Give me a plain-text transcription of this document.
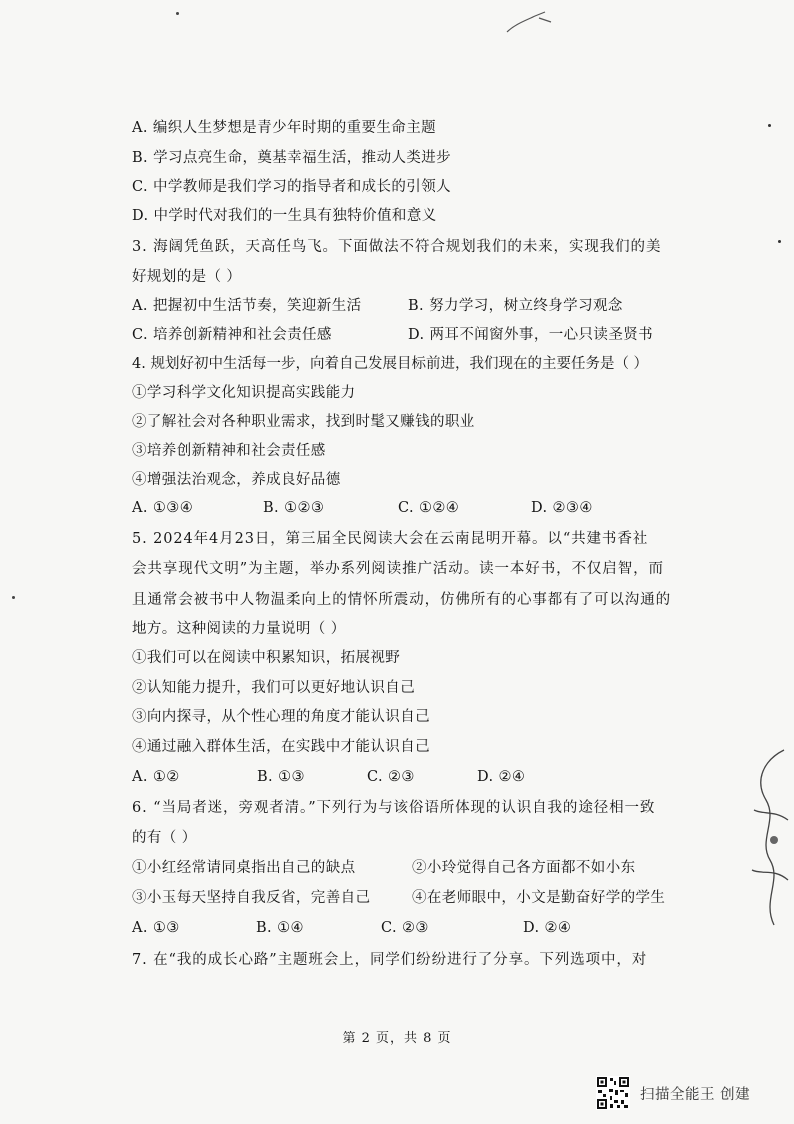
A. 编织人生梦想是青少年时期的重要生命主题
B. 学习点亮生命，奠基幸福生活，推动人类进步
C. 中学教师是我们学习的指导者和成长的引领人
D. 中学时代对我们的一生具有独特价值和意义
3. 海阔凭鱼跃，天高任鸟飞。下面做法不符合规划我们的未来，实现我们的美
好规划的是（ ）
A. 把握初中生活节奏，笑迎新生活	B. 努力学习，树立终身学习观念
C. 培养创新精神和社会责任感	D. 两耳不闻窗外事，一心只读圣贤书
4. 规划好初中生活每一步，向着自己发展目标前进，我们现在的主要任务是（ ）
①学习科学文化知识提高实践能力
②了解社会对各种职业需求，找到时髦又赚钱的职业
③培养创新精神和社会责任感
④增强法治观念，养成良好品德
A. ①③④	B. ①②③	C. ①②④	D. ②③④
5. 2024年4月23日，第三届全民阅读大会在云南昆明开幕。以“共建书香社
会共享现代文明”为主题，举办系列阅读推广活动。读一本好书，不仅启智，而
且通常会被书中人物温柔向上的情怀所震动，仿佛所有的心事都有了可以沟通的
地方。这种阅读的力量说明（ ）
①我们可以在阅读中积累知识，拓展视野
②认知能力提升，我们可以更好地认识自己
③向内探寻，从个性心理的角度才能认识自己
④通过融入群体生活，在实践中才能认识自己
A. ①②	B. ①③	C. ②③	D. ②④
6. “当局者迷，旁观者清。”下列行为与该俗语所体现的认识自我的途径相一致
的有（ ）
①小红经常请同桌指出自己的缺点	②小玲觉得自己各方面都不如小东
③小玉每天坚持自我反省，完善自己	④在老师眼中，小文是勤奋好学的学生
A. ①③	B. ①④	C. ②③	D. ②④
7. 在“我的成长心路”主题班会上，同学们纷纷进行了分享。下列选项中，对
第 2 页，共 8 页
扫描全能王 创建
